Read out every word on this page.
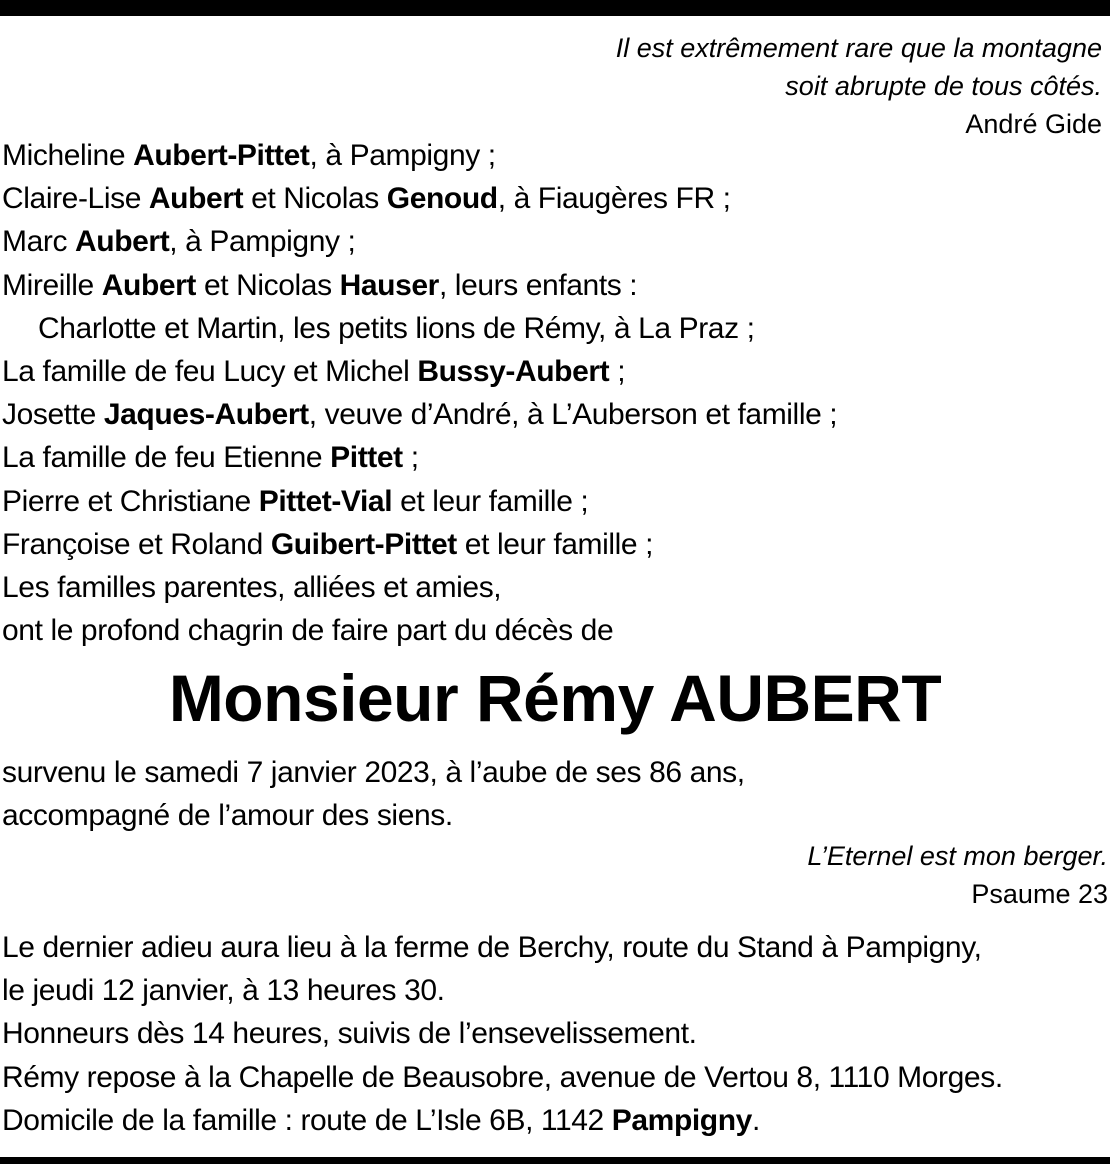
Il est extrêmement rare que la montagne
soit abrupte de tous côtés.
André Gide
Micheline Aubert-Pittet, à Pampigny ;
Claire-Lise Aubert et Nicolas Genoud, à Fiaugères FR ;
Marc Aubert, à Pampigny ;
Mireille Aubert et Nicolas Hauser, leurs enfants :
Charlotte et Martin, les petits lions de Rémy, à La Praz ;
La famille de feu Lucy et Michel Bussy-Aubert ;
Josette Jaques-Aubert, veuve d’André, à L’Auberson et famille ;
La famille de feu Etienne Pittet ;
Pierre et Christiane Pittet-Vial et leur famille ;
Françoise et Roland Guibert-Pittet et leur famille ;
Les familles parentes, alliées et amies,
ont le profond chagrin de faire part du décès de
Monsieur Rémy AUBERT
survenu le samedi 7 janvier 2023, à l’aube de ses 86 ans,
accompagné de l’amour des siens.
L’Eternel est mon berger.
Psaume 23
Le dernier adieu aura lieu à la ferme de Berchy, route du Stand à Pampigny,
le jeudi 12 janvier, à 13 heures 30.
Honneurs dès 14 heures, suivis de l’ensevelissement.
Rémy repose à la Chapelle de Beausobre, avenue de Vertou 8, 1110 Morges.
Domicile de la famille : route de L’Isle 6B, 1142 Pampigny.
